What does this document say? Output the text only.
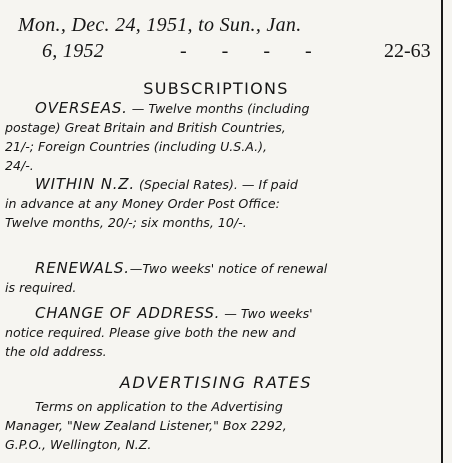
Mon., Dec. 24, 1951, to Sun., Jan.
6, 1952	- - - -	22-63
SUBSCRIPTIONS
OVERSEAS. — Twelve months (including
postage) Great Britain and British Countries,
21/-; Foreign Countries (including U.S.A.),
24/-.
WITHIN N.Z. (Special Rates). — If paid
in advance at any Money Order Post Office:
Twelve months, 20/-; six months, 10/-.
RENEWALS.—Two weeks' notice of renewal
is required.
CHANGE OF ADDRESS. — Two weeks'
notice required. Please give both the new and
the old address.
ADVERTISING RATES
Terms on application to the Advertising
Manager, "New Zealand Listener," Box 2292,
G.P.O., Wellington, N.Z.
